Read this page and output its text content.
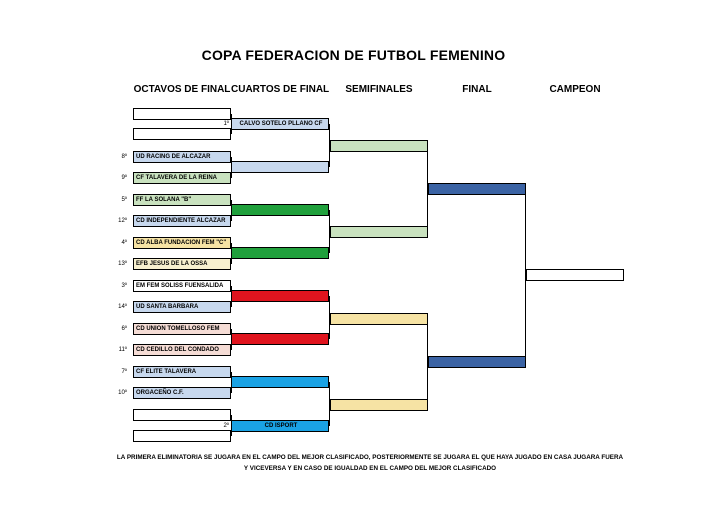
COPA FEDERACION DE FUTBOL FEMENINO
OCTAVOS DE FINAL CUARTOS DE FINAL	SEMIFINALES	FINAL	CAMPEON
UD RACING DE ALCAZAR
8º
CF TALAVERA DE LA REINA
9º
FF LA SOLANA "B"
5º
CD INDEPENDIENTE ALCAZAR
12º
CD ALBA FUNDACION FEM "C"
4º
EFB JESUS DE LA OSSA
13º
EM FEM SOLISS FUENSALIDA
3º
UD SANTA BARBARA
14º
CD UNION TOMELLOSO FEM
6º
CD CEDILLO DEL CONDADO
11º
CF ELITE TALAVERA
7º
ORGACEÑO C.F.
10º
CALVO SOTELO PLLANO CF
1º
CD ISPORT
2º
LA PRIMERA ELIMINATORIA SE JUGARA EN EL CAMPO DEL MEJOR CLASIFICADO, POSTERIORMENTE SE JUGARA EL QUE HAYA JUGADO EN CASA JUGARA FUERA
Y VICEVERSA Y EN CASO DE IGUALDAD EN EL CAMPO DEL MEJOR CLASIFICADO
